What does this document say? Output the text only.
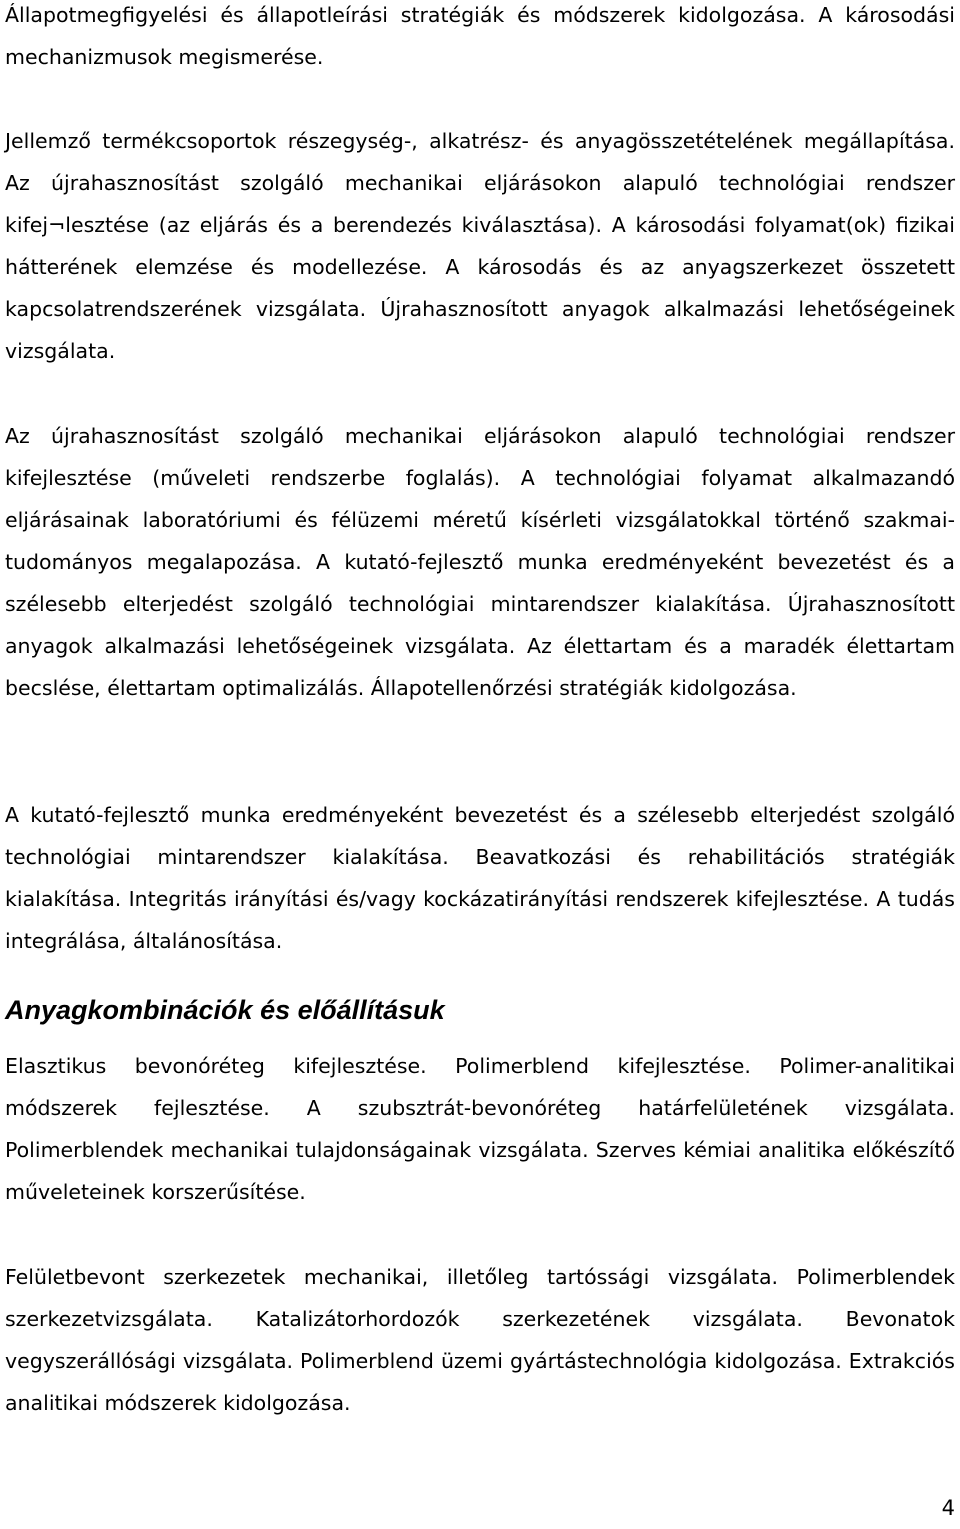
Állapotmegfigyelési és állapotleírási stratégiák és módszerek kidolgozása. A károsodási mechanizmusok megismerése.

Jellemző termékcsoportok részegység-, alkatrész- és anyagösszetételének megállapítása. Az újrahasznosítást szolgáló mechanikai eljárásokon alapuló technológiai rendszer kifej¬lesztése (az eljárás és a berendezés kiválasztása). A károsodási folyamat(ok) fizikai hátterének elemzése és modellezése. A károsodás és az anyagszerkezet összetett kapcsolatrendszerének vizsgálata. Újrahasznosított anyagok alkalmazási lehetőségeinek vizsgálata.

Az újrahasznosítást szolgáló mechanikai eljárásokon alapuló technológiai rendszer kifejlesztése (műveleti rendszerbe foglalás). A technológiai folyamat alkalmazandó eljárásainak laboratóriumi és félüzemi méretű kísérleti vizsgálatokkal történő szakmai-tudományos megalapozása. A kutató-fejlesztő munka eredményeként bevezetést és a szélesebb elterjedést szolgáló technológiai mintarendszer kialakítása. Újrahasznosított anyagok alkalmazási lehetőségeinek vizsgálata. Az élettartam és a maradék élettartam becslése, élettartam optimalizálás. Állapotellenőrzési stratégiák kidolgozása.

A kutató-fejlesztő munka eredményeként bevezetést és a szélesebb elterjedést szolgáló technológiai mintarendszer kialakítása. Beavatkozási és rehabilitációs stratégiák kialakítása. Integritás irányítási és/vagy kockázatirányítási rendszerek kifejlesztése. A tudás integrálása, általánosítása.

Anyagkombinációk és előállításuk

Elasztikus bevonóréteg kifejlesztése. Polimerblend kifejlesztése. Polimer-analitikai módszerek fejlesztése. A szubsztrát-bevonóréteg határfelületének vizsgálata. Polimerblendek mechanikai tulajdonságainak vizsgálata. Szerves kémiai analitika előkészítő műveleteinek korszerűsítése.

Felületbevont szerkezetek mechanikai, illetőleg tartóssági vizsgálata. Polimerblendek szerkezetvizsgálata. Katalizátorhordozók szerkezetének vizsgálata. Bevonatok vegyszerállósági vizsgálata. Polimerblend üzemi gyártástechnológia kidolgozása. Extrakciós analitikai módszerek kidolgozása.

4
